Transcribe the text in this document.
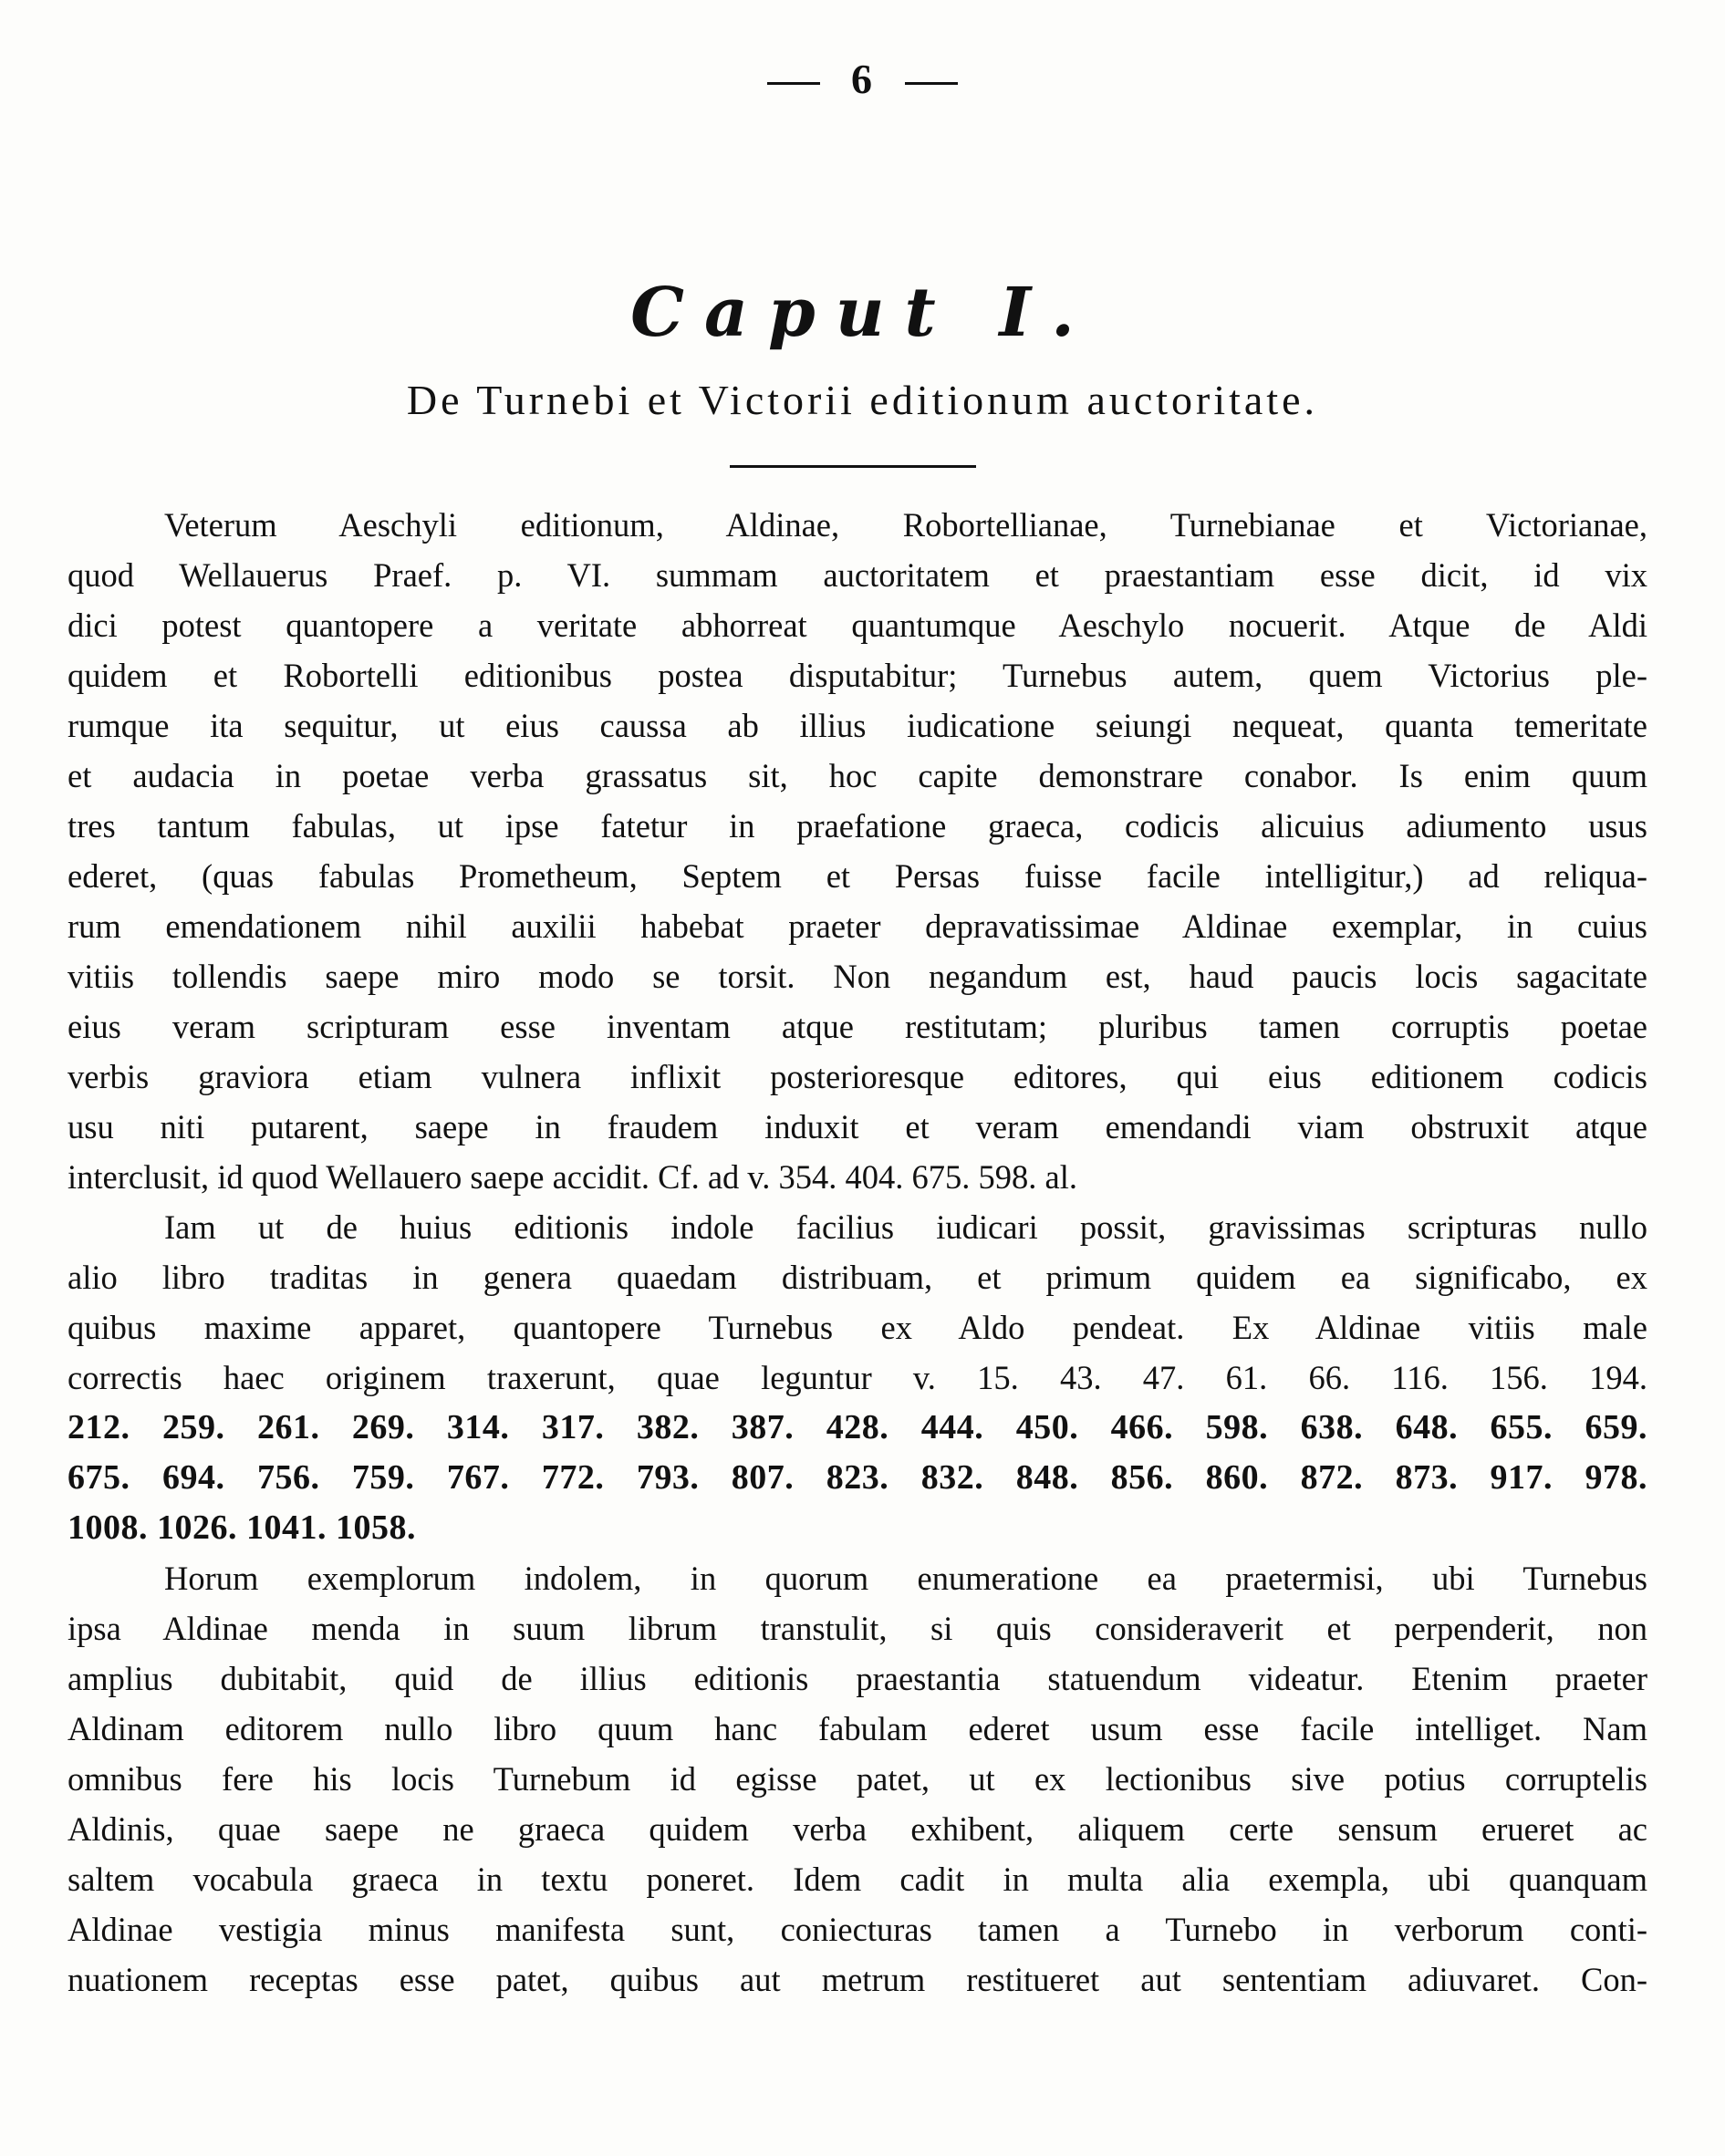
6
Caput I.
De Turnebi et Victorii editionum auctoritate.
Veterum Aeschyli editionum, Aldinae, Robortellianae, Turnebianae et Victorianae,
quod Wellauerus Praef. p. VI. summam auctoritatem et praestantiam esse dicit, id vix
dici potest quantopere a veritate abhorreat quantumque Aeschylo nocuerit. Atque de Aldi
quidem et Robortelli editionibus postea disputabitur; Turnebus autem, quem Victorius ple-
rumque ita sequitur, ut eius caussa ab illius iudicatione seiungi nequeat, quanta temeritate
et audacia in poetae verba grassatus sit, hoc capite demonstrare conabor. Is enim quum
tres tantum fabulas, ut ipse fatetur in praefatione graeca, codicis alicuius adiumento usus
ederet, (quas fabulas Prometheum, Septem et Persas fuisse facile intelligitur,) ad reliqua-
rum emendationem nihil auxilii habebat praeter depravatissimae Aldinae exemplar, in cuius
vitiis tollendis saepe miro modo se torsit. Non negandum est, haud paucis locis sagacitate
eius veram scripturam esse inventam atque restitutam; pluribus tamen corruptis poetae
verbis graviora etiam vulnera inflixit posterioresque editores, qui eius editionem codicis
usu niti putarent, saepe in fraudem induxit et veram emendandi viam obstruxit atque
interclusit, id quod Wellauero saepe accidit. Cf. ad v. 354. 404. 675. 598. al.
Iam ut de huius editionis indole facilius iudicari possit, gravissimas scripturas nullo
alio libro traditas in genera quaedam distribuam, et primum quidem ea significabo, ex
quibus maxime apparet, quantopere Turnebus ex Aldo pendeat. Ex Aldinae vitiis male
correctis haec originem traxerunt, quae leguntur v. 15. 43. 47. 61. 66. 116. 156. 194.
212. 259. 261. 269. 314. 317. 382. 387. 428. 444. 450. 466. 598. 638. 648. 655. 659.
675. 694. 756. 759. 767. 772. 793. 807. 823. 832. 848. 856. 860. 872. 873. 917. 978.
1008. 1026. 1041. 1058.
Horum exemplorum indolem, in quorum enumeratione ea praetermisi, ubi Turnebus
ipsa Aldinae menda in suum librum transtulit, si quis consideraverit et perpenderit, non
amplius dubitabit, quid de illius editionis praestantia statuendum videatur. Etenim praeter
Aldinam editorem nullo libro quum hanc fabulam ederet usum esse facile intelliget. Nam
omnibus fere his locis Turnebum id egisse patet, ut ex lectionibus sive potius corruptelis
Aldinis, quae saepe ne graeca quidem verba exhibent, aliquem certe sensum erueret ac
saltem vocabula graeca in textu poneret. Idem cadit in multa alia exempla, ubi quanquam
Aldinae vestigia minus manifesta sunt, coniecturas tamen a Turnebo in verborum conti-
nuationem receptas esse patet, quibus aut metrum restitueret aut sententiam adiuvaret. Con-
